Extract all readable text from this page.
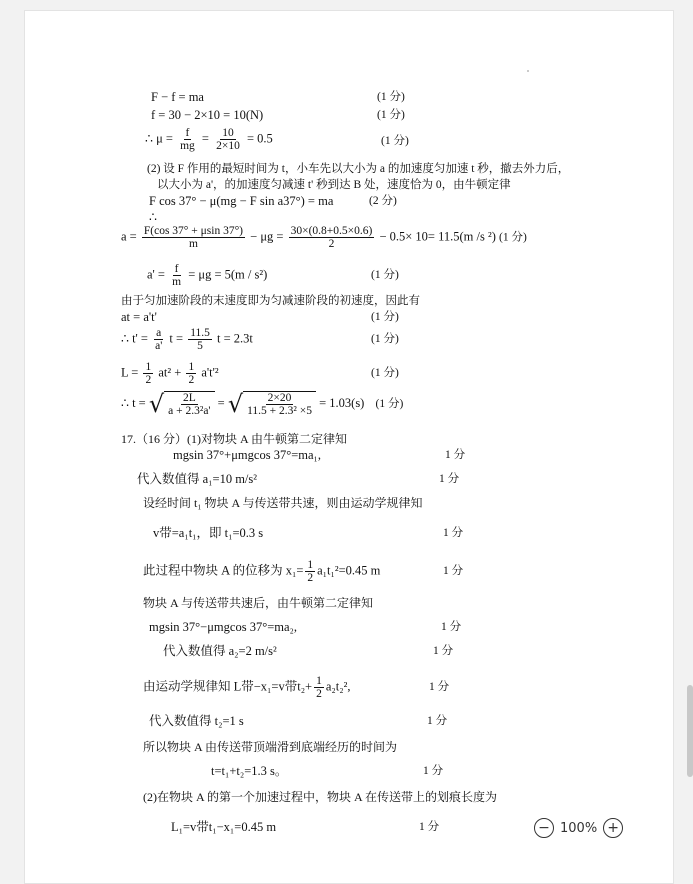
F − f = ma	(1 分)
f = 30 − 2×10 = 10(N)	(1 分)
∴ $\mu = \frac{f}{mg} = \frac{10}{2\times 10} = 0.5$	(1 分)
(2) 设 F 作用的最短时间为 t，小车先以大小为 a 的加速度匀加速 t 秒，撤去外力后，
以大小为 a'，的加速度匀减速 t' 秒到达 B 处，速度恰为 0，由牛顿定律
F cos 37° − μ(mg − F sin a37°) = ma	(2 分)
∴
$a = \frac{F(\cos 37^\circ + \mu\sin 37^\circ)}{m} - \mu g = \frac{30\times(0.8+0.5\times 0.6)}{2} - 0.5\times 10= 11.5(m$ /s ²) (1 分)
$a' = \frac{f}{m} = \mu g = 5(m / s^2)$	(1 分)
由于匀加速阶段的末速度即为匀减速阶段的初速度，因此有
at = a't'	(1 分)
∴ $t' = \frac{a}{a'}$ $t = \frac{11.5}{5}$ t = 2.3t	(1 分)
$L = \frac{1}{2} at^2 + \frac{1}{2} a't'^2$	(1 分)
∴ t = √ $\frac{2L}{\text{a + 2.3²a'}}$ = √ $\frac{2\times 20}{\text{11.5 + 2.3² ×5}} = 1.03(s)$ (1 分)
17.（16 分）(1)对物块 A 由牛顿第二定律知
mgsin 37°+μmgcos 37°=ma₁,	1 分
代入数值得 a₁=10 m/s²	1 分
设经时间 t₁ 物块 A 与传送带共速，则由运动学规律知
v带=a₁t₁，即 t₁=0.3 s	1 分
此过程中物块 A 的位移为 $x_1= \frac{1}{2} a_1t_1^2=0.45$ m	1 分
物块 A 与传送带共速后，由牛顿第二定律知
mgsin 37°−μmgcos 37°=ma₂,	1 分
代入数值得 a₂=2 m/s²	1 分
由运动学规律知 L带−x₁=v带$t_2+ \frac{1}{2} a_2t_2^2$,	1 分
代入数值得 t₂=1 s	1 分
所以物块 A 由传送带顶端滑到底端经历的时间为
t=t₁+t₂=1.3 s。	1 分
(2)在物块 A 的第一个加速过程中，物块 A 在传送带上的划痕长度为
L₁=v带t₁−x₁=0.45 m	1 分	− 100% +
